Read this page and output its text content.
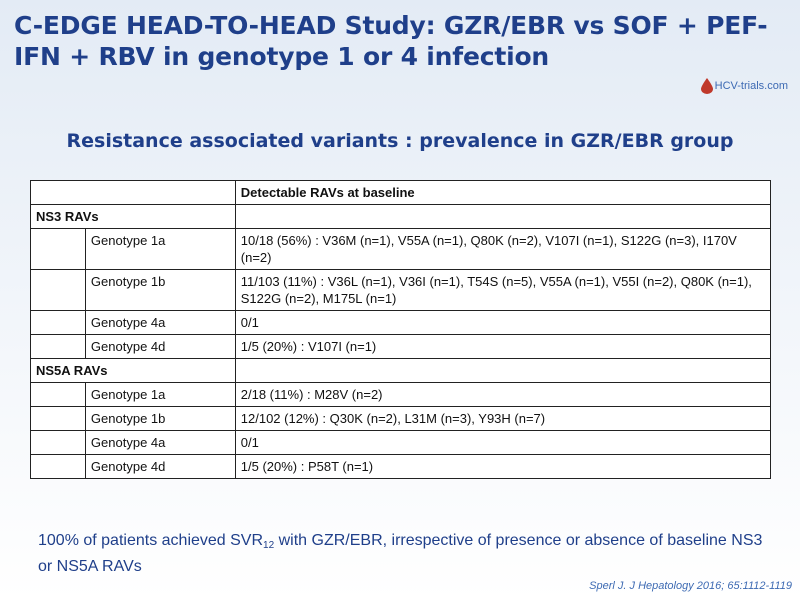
C-EDGE HEAD-TO-HEAD Study: GZR/EBR vs SOF + PEF-IFN + RBV in genotype 1 or 4 infection
HCV-trials.com
Resistance associated variants : prevalence in GZR/EBR group
		Detectable RAVs at baseline
NS3 RAVs		
	Genotype 1a	10/18 (56%) : V36M (n=1), V55A (n=1), Q80K (n=2), V107I (n=1), S122G (n=3), I170V (n=2)
	Genotype 1b	11/103 (11%) : V36L (n=1), V36I (n=1), T54S (n=5), V55A (n=1), V55I (n=2), Q80K (n=1), S122G (n=2), M175L (n=1)
	Genotype 4a	0/1
	Genotype 4d	1/5 (20%) : V107I (n=1)
NS5A RAVs		
	Genotype 1a	2/18 (11%) : M28V (n=2)
	Genotype 1b	12/102 (12%) : Q30K (n=2), L31M (n=3), Y93H (n=7)
	Genotype 4a	0/1
	Genotype 4d	1/5 (20%) : P58T (n=1)
100% of patients achieved $SVR_{12}$ with GZR/EBR, irrespective of presence or absence of baseline NS3 or NS5A RAVs
Sperl J. J Hepatology 2016; 65:1112-1119
